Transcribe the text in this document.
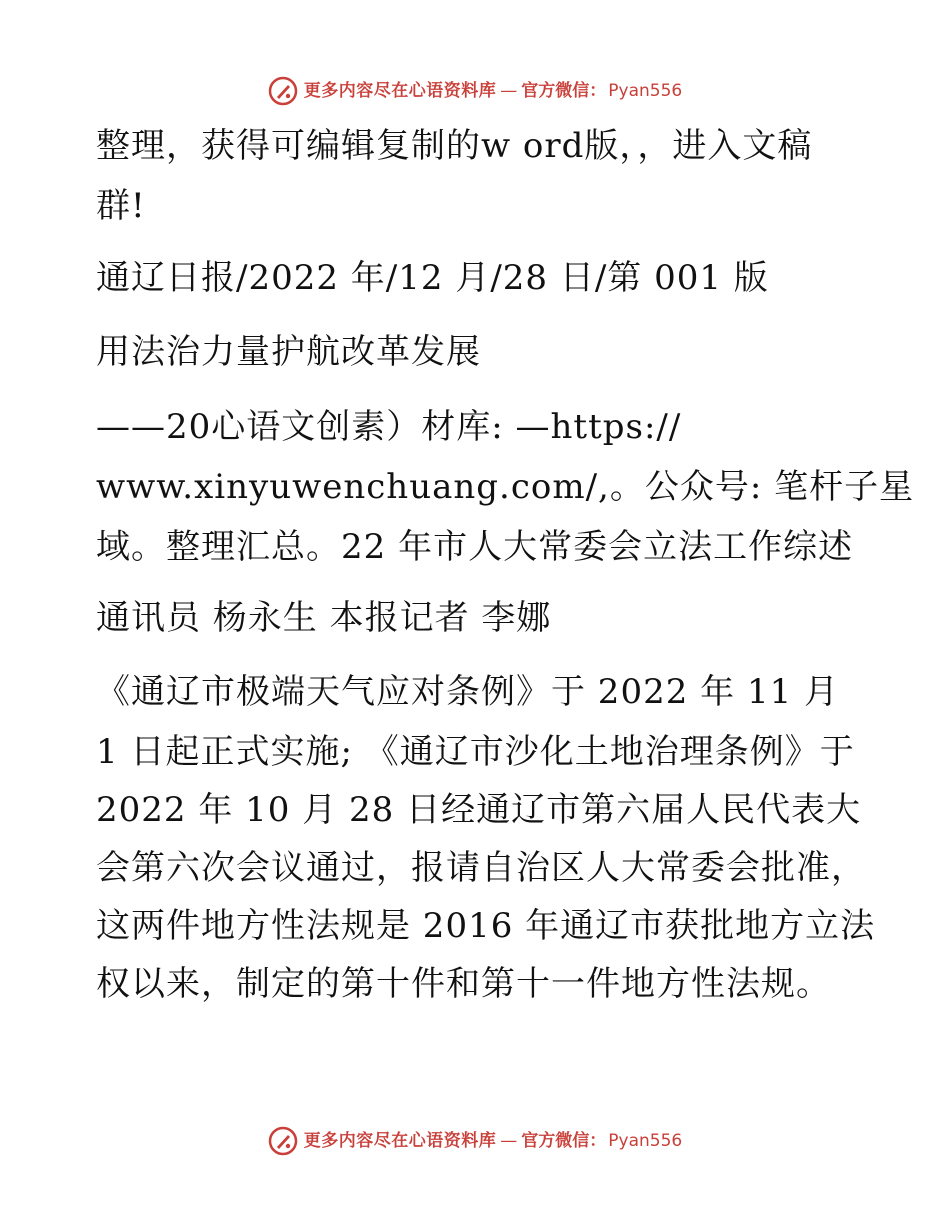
更多内容尽在心语资料库 — 官方微信： Pyan556
整理，获得可编辑复制的w ord版，，进入文稿
群!
通辽日报/2022 年/12 月/28 日/第 001 版
用法治力量护航改革发展
——20心语文创素）材库: —https://
www.xinyuwenchuang.com/,。公众号: 笔杆子星
域。整理汇总。22 年市人大常委会立法工作综述
通讯员 杨永生 本报记者 李娜
《通辽市极端天气应对条例》于 2022 年 11 月
1 日起正式实施; 《通辽市沙化土地治理条例》于
2022 年 10 月 28 日经通辽市第六届人民代表大
会第六次会议通过，报请自治区人大常委会批准，
这两件地方性法规是 2016 年通辽市获批地方立法
权以来，制定的第十件和第十一件地方性法规。
更多内容尽在心语资料库 — 官方微信： Pyan556
